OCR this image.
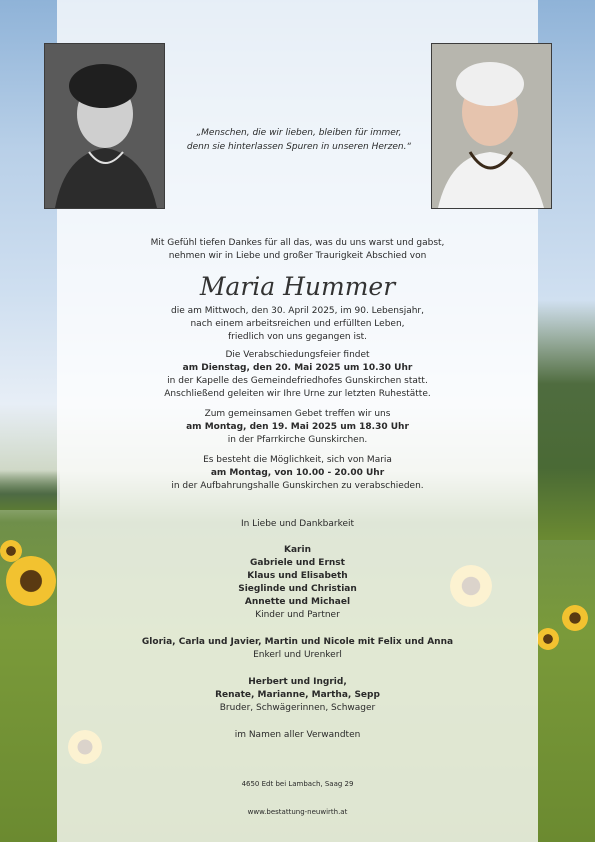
„Menschen, die wir lieben, bleiben für immer,
denn sie hinterlassen Spuren in unseren Herzen.“
Mit Gefühl tiefen Dankes für all das, was du uns warst und gabst,
nehmen wir in Liebe und großer Traurigkeit Abschied von
Maria Hummer
die am Mittwoch, den 30. April 2025, im 90. Lebensjahr,
nach einem arbeitsreichen und erfüllten Leben,
friedlich von uns gegangen ist.
Die Verabschiedungsfeier findet
am Dienstag, den 20. Mai 2025 um 10.30 Uhr
in der Kapelle des Gemeindefriedhofes Gunskirchen statt.
Anschließend geleiten wir Ihre Urne zur letzten Ruhestätte.
Zum gemeinsamen Gebet treffen wir uns
am Montag, den 19. Mai 2025 um 18.30 Uhr
in der Pfarrkirche Gunskirchen.
Es besteht die Möglichkeit, sich von Maria
am Montag, von 10.00 - 20.00 Uhr
in der Aufbahrungshalle Gunskirchen zu verabschieden.
In Liebe und Dankbarkeit
Karin
Gabriele und Ernst
Klaus und Elisabeth
Sieglinde und Christian
Annette und Michael
Kinder und Partner
Gloria, Carla und Javier, Martin und Nicole mit Felix und Anna
Enkerl und Urenkerl
Herbert und Ingrid,
Renate, Marianne, Martha, Sepp
Bruder, Schwägerinnen, Schwager
im Namen aller Verwandten
4650 Edt bei Lambach, Saag 29
www.bestattung-neuwirth.at
